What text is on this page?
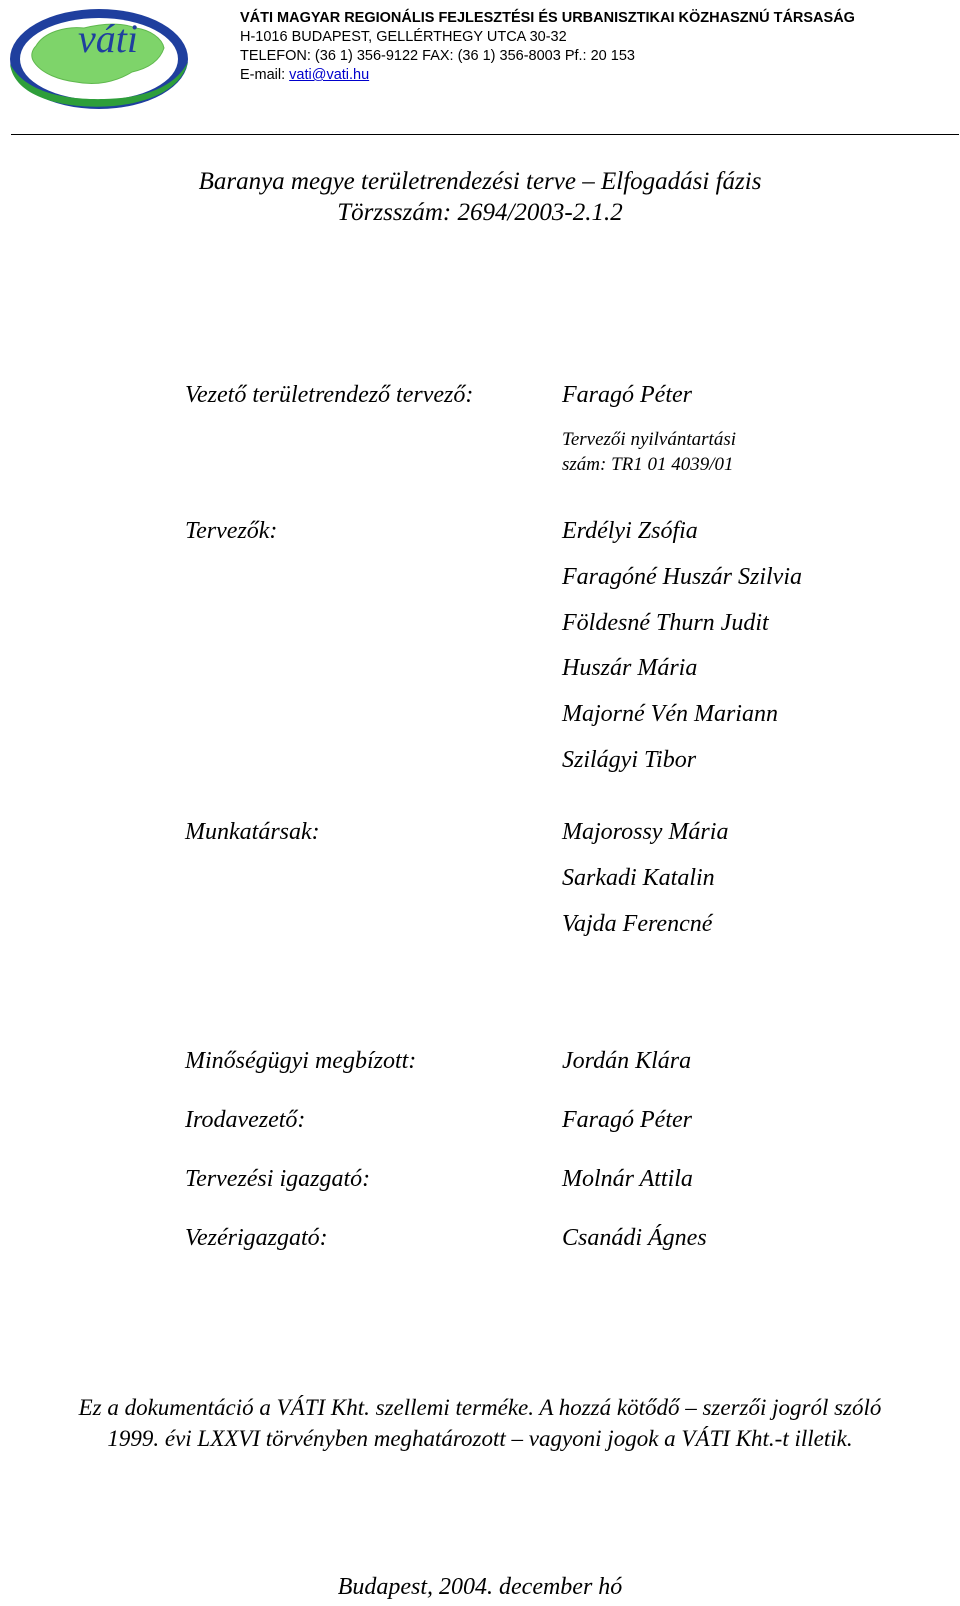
váti	VÁTI MAGYAR REGIONÁLIS FEJLESZTÉSI ÉS URBANISZTIKAI KÖZHASZNÚ TÁRSASÁG
H-1016 BUDAPEST, GELLÉRTHEGY UTCA 30-32
TELEFON: (36 1) 356-9122 FAX: (36 1) 356-8003 Pf.: 20 153
E-mail: vati@vati.hu
Baranya megye területrendezési terve – Elfogadási fázis
Törzsszám: 2694/2003-2.1.2
Vezető területrendező tervező:	Faragó Péter
Tervezői nyilvántartási
szám: TR1 01 4039/01
Tervezők:	Erdélyi Zsófia
Faragóné Huszár Szilvia
Földesné Thurn Judit
Huszár Mária
Majorné Vén Mariann
Szilágyi Tibor
Munkatársak:	Majorossy Mária
Sarkadi Katalin
Vajda Ferencné
Minőségügyi megbízott:	Jordán Klára
Irodavezető:	Faragó Péter
Tervezési igazgató:	Molnár Attila
Vezérigazgató:	Csanádi Ágnes
Ez a dokumentáció a VÁTI Kht. szellemi terméke. A hozzá kötődő – szerzői jogról szóló
1999. évi LXXVI törvényben meghatározott – vagyoni jogok a VÁTI Kht.-t illetik.
Budapest, 2004. december hó
